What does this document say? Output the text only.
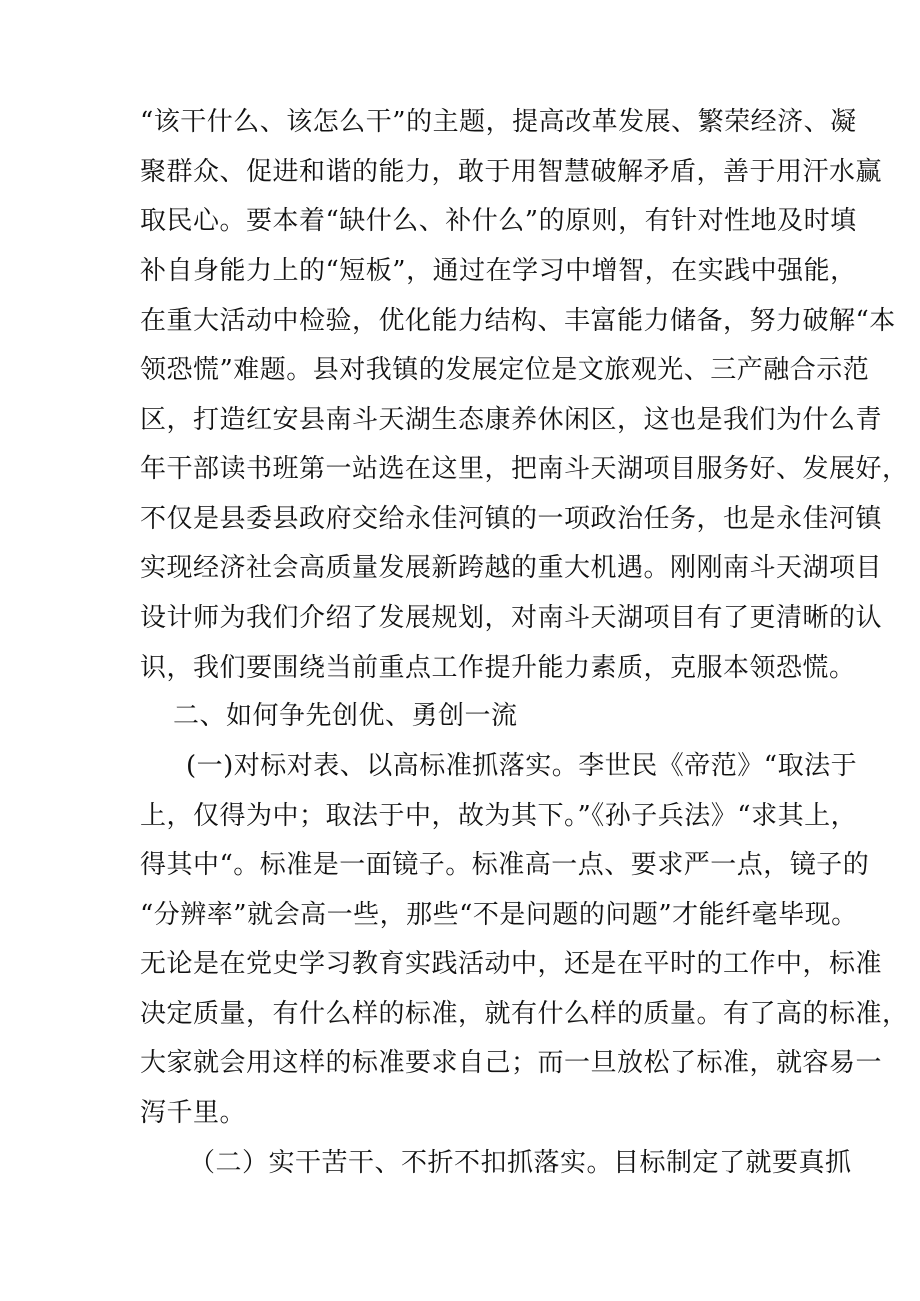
“该干什么、该怎么干”的主题，提高改革发展、繁荣经济、凝
聚群众、促进和谐的能力，敢于用智慧破解矛盾，善于用汗水赢
取民心。要本着“缺什么、补什么”的原则，有针对性地及时填
补自身能力上的“短板”，通过在学习中增智，在实践中强能，
在重大活动中检验，优化能力结构、丰富能力储备，努力破解“本
领恐慌”难题。县对我镇的发展定位是文旅观光、三产融合示范
区，打造红安县南斗天湖生态康养休闲区，这也是我们为什么青
年干部读书班第一站选在这里，把南斗天湖项目服务好、发展好，
不仅是县委县政府交给永佳河镇的一项政治任务，也是永佳河镇
实现经济社会高质量发展新跨越的重大机遇。刚刚南斗天湖项目
设计师为我们介绍了发展规划，对南斗天湖项目有了更清晰的认
识，我们要围绕当前重点工作提升能力素质，克服本领恐慌。
二、如何争先创优、勇创一流
(一)对标对表、以高标准抓落实。李世民《帝范》“取法于
上，仅得为中；取法于中，故为其下。”《孙子兵法》“求其上，
得其中“。标准是一面镜子。标准高一点、要求严一点，镜子的
“分辨率”就会高一些，那些“不是问题的问题”才能纤毫毕现。
无论是在党史学习教育实践活动中，还是在平时的工作中，标准
决定质量，有什么样的标准，就有什么样的质量。有了高的标准，
大家就会用这样的标准要求自己；而一旦放松了标准，就容易一
泻千里。
（二）实干苦干、不折不扣抓落实。目标制定了就要真抓
